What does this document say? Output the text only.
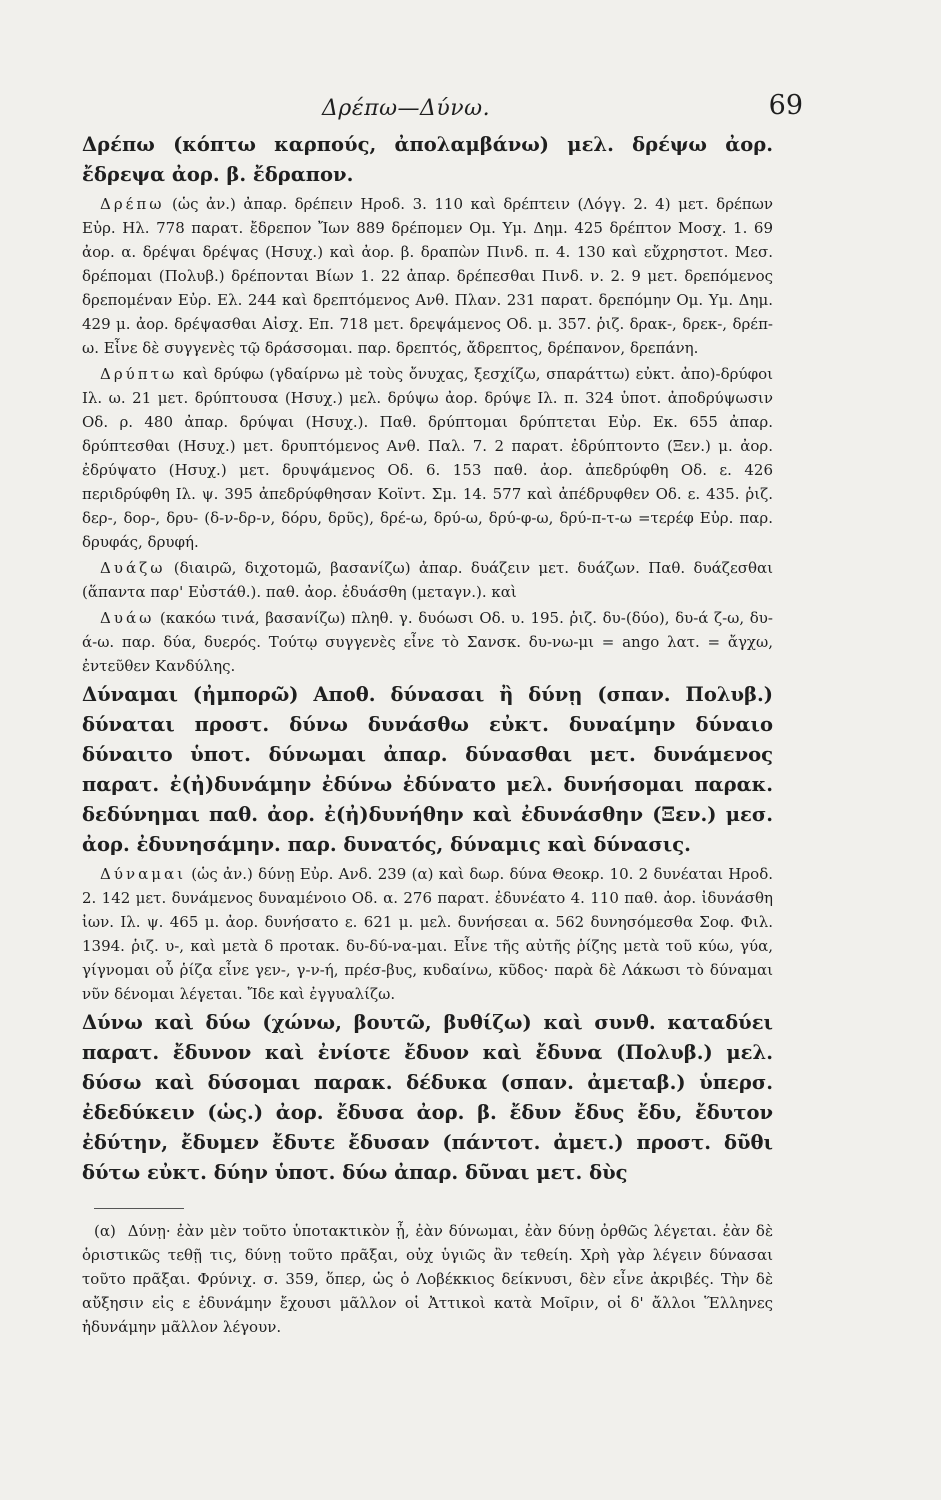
Δρέπω—Δύνω.	69
Δρέπω (κόπτω καρπούς, ἀπολαμβάνω) μελ. δρέψω ἀορ. ἔδρεψα ἀορ. β. ἔδραπον.
Δρέπω (ὡς ἀν.) ἀπαρ. δρέπειν Ηροδ. 3. 110 καὶ δρέπτειν (Λόγγ. 2. 4) μετ. δρέπων Εὐρ. Ηλ. 778 παρατ. ἔδρεπον Ἴων 889 δρέπομεν Ομ. Υμ. Δημ. 425 δρέπτον Μοσχ. 1. 69 ἀορ. α. δρέψαι δρέψας (Ησυχ.) καὶ ἀορ. β. δραπὼν Πινδ. π. 4. 130 καὶ εὔχρηστοτ. Μεσ. δρέπομαι (Πολυβ.) δρέπονται Βίων 1. 22 ἀπαρ. δρέπεσθαι Πινδ. ν. 2. 9 μετ. δρεπόμενος δρεπομέναν Εὐρ. Ελ. 244 καὶ δρεπτόμενος Ανθ. Πλαν. 231 παρατ. δρεπόμην Ομ. Υμ. Δημ. 429 μ. ἀορ. δρέψασθαι Αἰσχ. Επ. 718 μετ. δρεψάμενος Οδ. μ. 357. ῥιζ. δρακ-, δρεκ-, δρέπ-ω. Εἶνε δὲ συγγενὲς τῷ δράσσομαι. παρ. δρεπτός, ἄδρεπτος, δρέπανον, δρεπάνη.
Δρύπτω καὶ δρύφω (γδαίρνω μὲ τοὺς ὄνυχας, ξεσχίζω, σπαράττω) εὐκτ. ἀπο)-δρύφοι Ιλ. ω. 21 μετ. δρύπτουσα (Ησυχ.) μελ. δρύψω ἀορ. δρύψε Ιλ. π. 324 ὑποτ. ἀποδρύψωσιν Οδ. ρ. 480 ἀπαρ. δρύψαι (Ησυχ.). Παθ. δρύπτομαι δρύπτεται Εὐρ. Εκ. 655 ἀπαρ. δρύπτεσθαι (Ησυχ.) μετ. δρυπτόμενος Ανθ. Παλ. 7. 2 παρατ. ἐδρύπτοντο (Ξεν.) μ. ἀορ. ἐδρύψατο (Ησυχ.) μετ. δρυψάμενος Οδ. 6. 153 παθ. ἀορ. ἀπεδρύφθη Οδ. ε. 426 περιδρύφθη Ιλ. ψ. 395 ἀπεδρύφθησαν Κοϊντ. Σμ. 14. 577 καὶ ἀπέδρυφθεν Οδ. ε. 435. ῥιζ. δερ-, δορ-, δρυ- (δ-ν-δρ-ν, δόρυ, δρῦς), δρέ-ω, δρύ-ω, δρύ-φ-ω, δρύ-π-τ-ω =τερέφ Εὐρ. παρ. δρυφάς, δρυφή.
Δυάζω (διαιρῶ, διχοτομῶ, βασανίζω) ἀπαρ. δυάζειν μετ. δυάζων. Παθ. δυάζεσθαι (ἅπαντα παρ' Εὐστάθ.). παθ. ἀορ. ἐδυάσθη (μεταγν.). καὶ
Δυάω (κακόω τινά, βασανίζω) πληθ. γ. δυόωσι Οδ. υ. 195. ῥιζ. δυ-(δύο), δυ-ά ζ-ω, δυ-ά-ω. παρ. δύα, δυερός. Τούτῳ συγγενὲς εἶνε τὸ Σανσκ. δυ-νω-μι = ango λατ. = ἄγχω, ἐντεῦθεν Κανδύλης.
Δύναμαι (ἠμπορῶ) Αποθ. δύνασαι ἢ δύνῃ (σπαν. Πολυβ.) δύναται προστ. δύνω δυνάσθω εὐκτ. δυναίμην δύναιο δύναιτο ὑποτ. δύνωμαι ἀπαρ. δύνασθαι μετ. δυνάμενος παρατ. ἐ(ἠ)δυνάμην ἐδύνω ἐδύνατο μελ. δυνήσομαι παρακ. δεδύνημαι παθ. ἀορ. ἐ(ἠ)δυνήθην καὶ ἐδυνάσθην (Ξεν.) μεσ. ἀορ. ἐδυνησάμην. παρ. δυνατός, δύναμις καὶ δύνασις.
Δύναμαι (ὡς ἀν.) δύνῃ Εὐρ. Ανδ. 239 (α) καὶ δωρ. δύνα Θεοκρ. 10. 2 δυνέαται Ηροδ. 2. 142 μετ. δυνάμενος δυναμένοιο Οδ. α. 276 παρατ. ἐδυνέατο 4. 110 παθ. ἀορ. ἰδυνάσθη ἰων. Ιλ. ψ. 465 μ. ἀορ. δυνήσατο ε. 621 μ. μελ. δυνήσεαι α. 562 δυνησόμεσθα Σοφ. Φιλ. 1394. ῥιζ. υ-, καὶ μετὰ δ προτακ. δυ-δύ-να-μαι. Εἶνε τῆς αὐτῆς ῥίζης μετὰ τοῦ κύω, γύα, γίγνομαι οὗ ῥίζα εἶνε γεν-, γ-ν-ή, πρέσ-βυς, κυδαίνω, κῦδος· παρὰ δὲ Λάκωσι τὸ δύναμαι νῦν δένομαι λέγεται. Ἴδε καὶ ἐγγυαλίζω.
Δύνω καὶ δύω (χώνω, βουτῶ, βυθίζω) καὶ συνθ. καταδύει παρατ. ἔδυνον καὶ ἐνίοτε ἔδυον καὶ ἔδυνα (Πολυβ.) μελ. δύσω καὶ δύσομαι παρακ. δέδυκα (σπαν. ἀμεταβ.) ὑπερσ. ἐδεδύκειν (ὡς.) ἀορ. ἔδυσα ἀορ. β. ἔδυν ἔδυς ἔδυ, ἔδυτον ἐδύτην, ἔδυμεν ἔδυτε ἔδυσαν (πάντοτ. ἀμετ.) προστ. δῦθι δύτω εὐκτ. δύην ὑποτ. δύω ἀπαρ. δῦναι μετ. δὺς
(α) Δύνῃ· ἐὰν μὲν τοῦτο ὑποτακτικὸν ᾖ, ἐὰν δύνωμαι, ἐὰν δύνῃ ὀρθῶς λέγεται. ἐὰν δὲ ὁριστικῶς τεθῇ τις, δύνῃ τοῦτο πρᾶξαι, οὐχ ὑγιῶς ἂν τεθείη. Χρὴ γὰρ λέγειν δύνασαι τοῦτο πρᾶξαι. Φρύνιχ. σ. 359, ὅπερ, ὡς ὁ Λοβέκκιος δείκνυσι, δὲν εἶνε ἀκριβές. Τὴν δὲ αὔξησιν εἰς ε ἐδυνάμην ἔχουσι μᾶλλον οἱ Ἀττικοὶ κατὰ Μοῖριν, οἱ δ' ἄλλοι Ἕλληνες ἠδυνάμην μᾶλλον λέγουν.
